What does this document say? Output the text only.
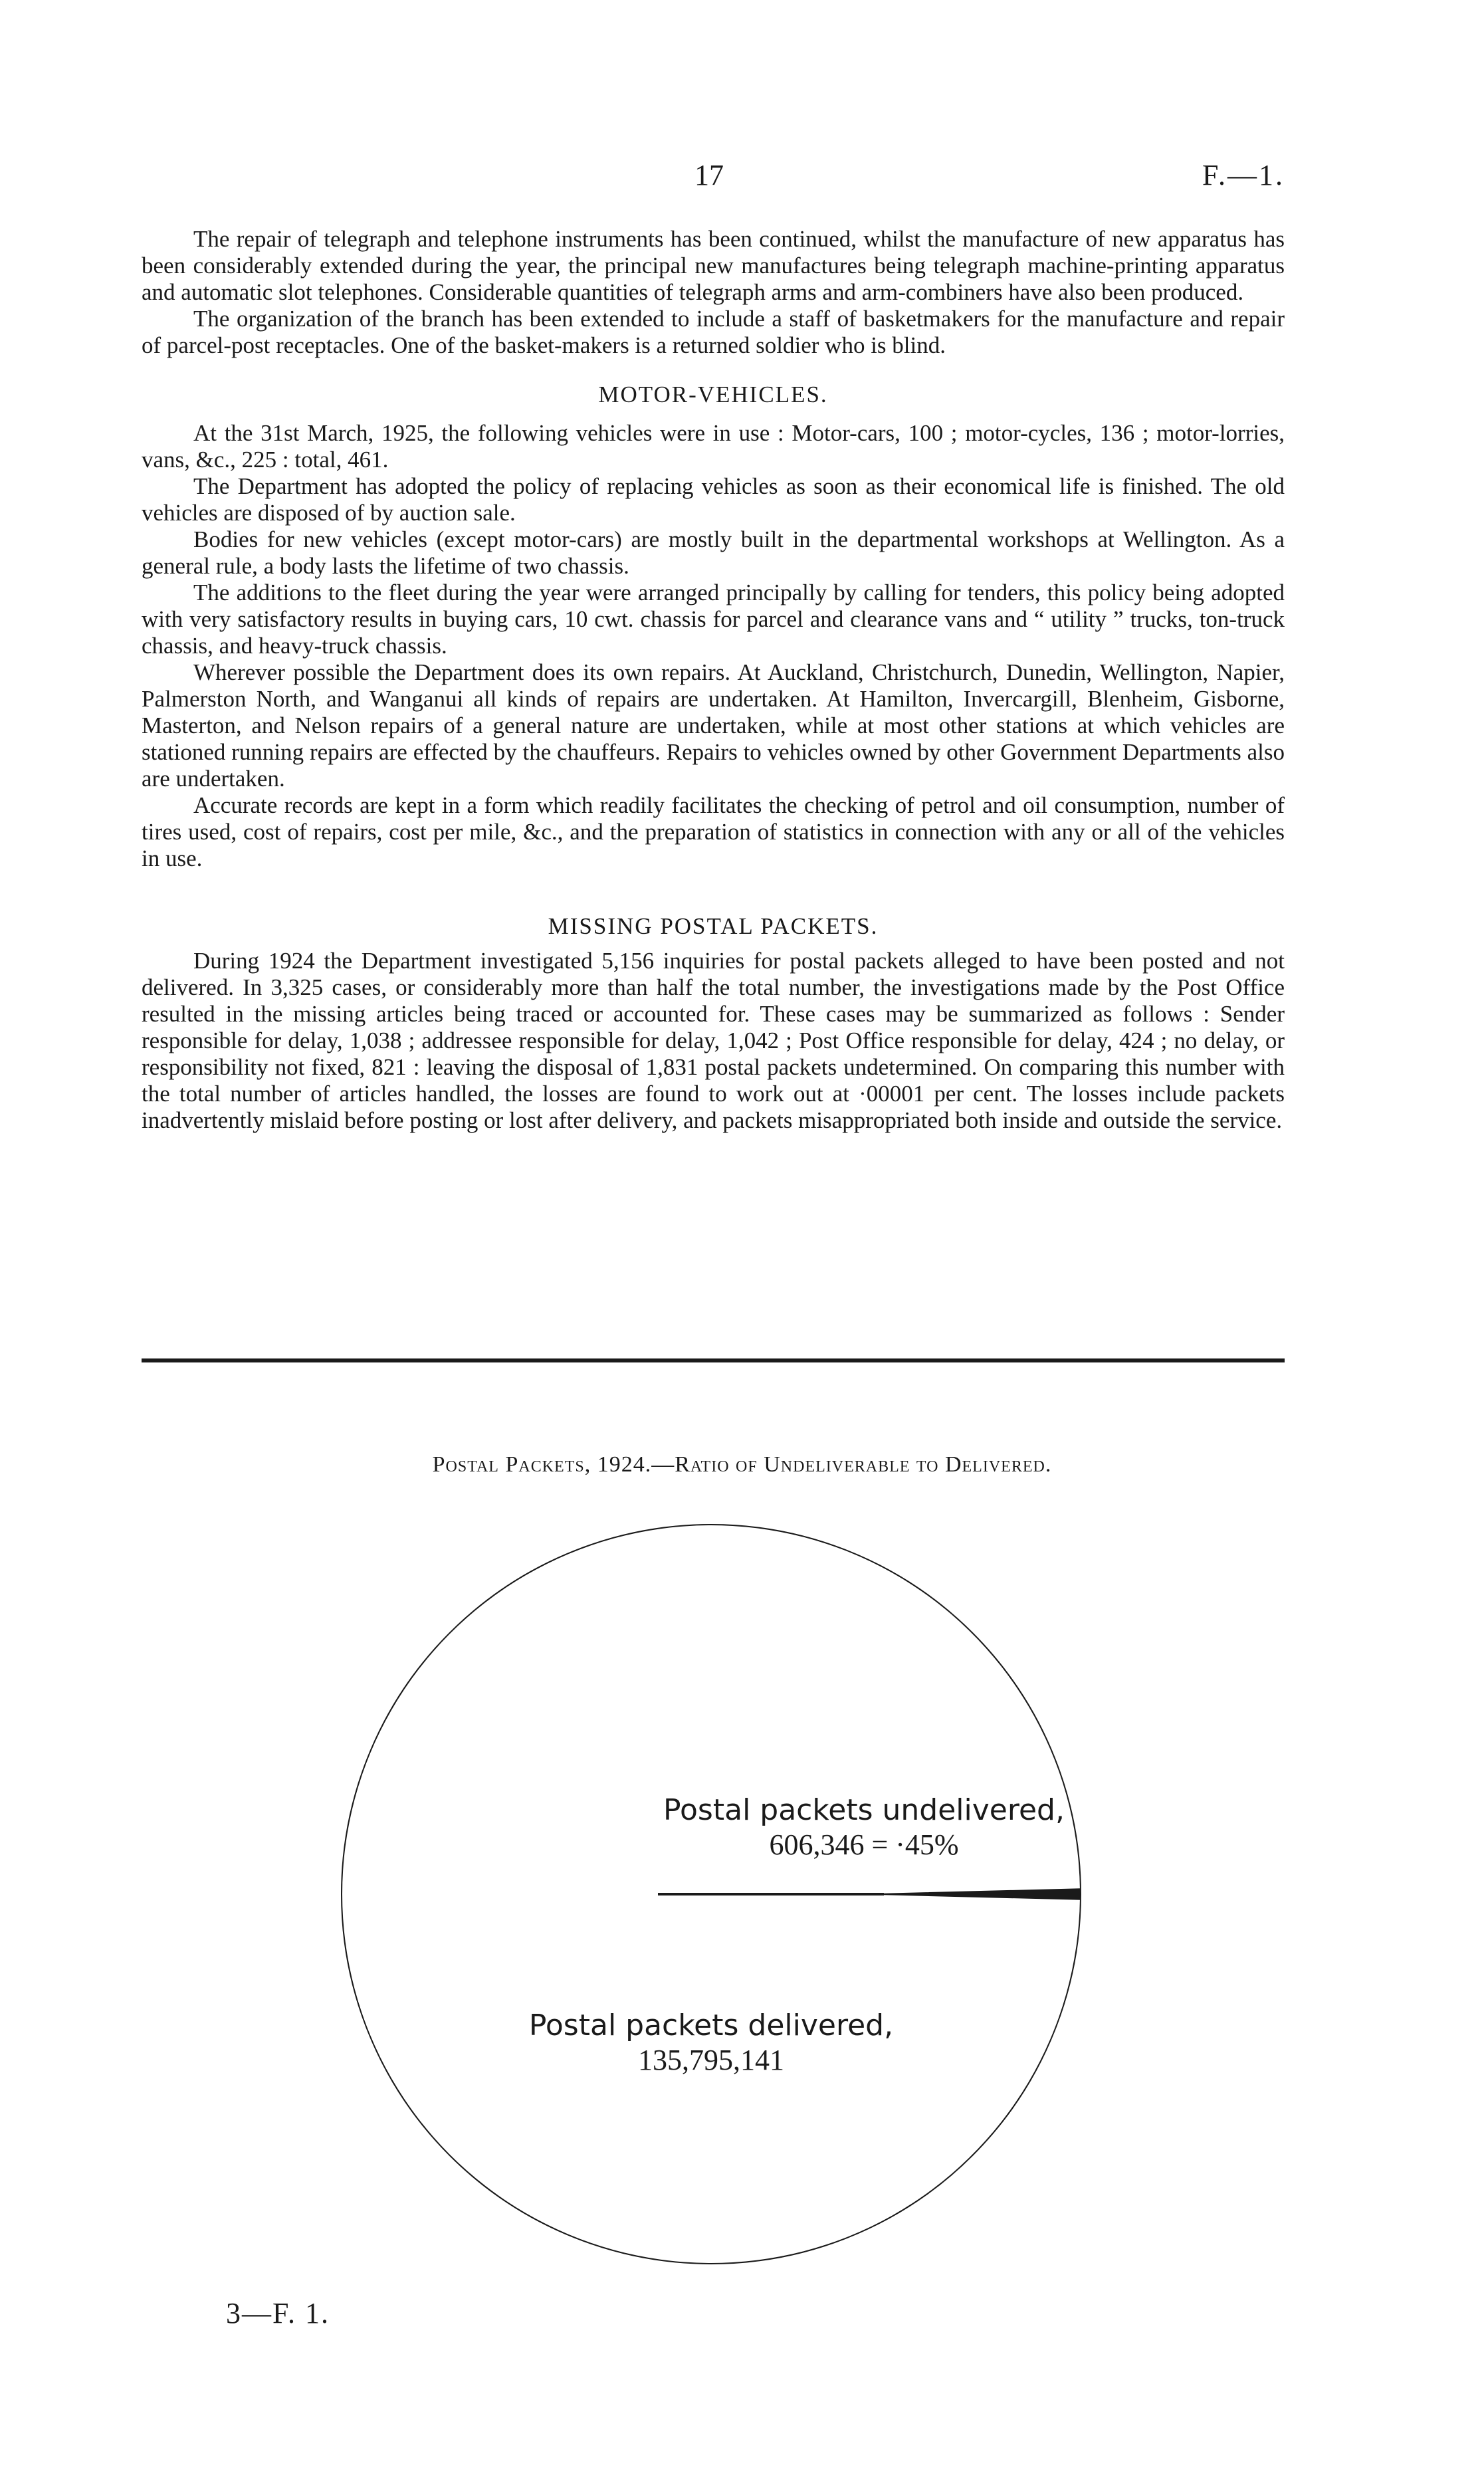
17	F.—1.

The repair of telegraph and telephone instruments has been continued, whilst the manufacture of new apparatus has been considerably extended during the year, the principal new manufactures being telegraph machine-printing apparatus and automatic slot telephones. Considerable quantities of telegraph arms and arm-combiners have also been produced.

The organization of the branch has been extended to include a staff of basketmakers for the manufacture and repair of parcel-post receptacles. One of the basket-makers is a returned soldier who is blind.

MOTOR-VEHICLES.

At the 31st March, 1925, the following vehicles were in use : Motor-cars, 100 ; motor-cycles, 136 ; motor-lorries, vans, &c., 225 : total, 461.

The Department has adopted the policy of replacing vehicles as soon as their economical life is finished. The old vehicles are disposed of by auction sale.

Bodies for new vehicles (except motor-cars) are mostly built in the departmental workshops at Wellington. As a general rule, a body lasts the lifetime of two chassis.

The additions to the fleet during the year were arranged principally by calling for tenders, this policy being adopted with very satisfactory results in buying cars, 10 cwt. chassis for parcel and clearance vans and “ utility ” trucks, ton-truck chassis, and heavy-truck chassis.

Wherever possible the Department does its own repairs. At Auckland, Christchurch, Dunedin, Wellington, Napier, Palmerston North, and Wanganui all kinds of repairs are undertaken. At Hamilton, Invercargill, Blenheim, Gisborne, Masterton, and Nelson repairs of a general nature are undertaken, while at most other stations at which vehicles are stationed running repairs are effected by the chauffeurs. Repairs to vehicles owned by other Government Departments also are undertaken.

Accurate records are kept in a form which readily facilitates the checking of petrol and oil consumption, number of tires used, cost of repairs, cost per mile, &c., and the preparation of statistics in connection with any or all of the vehicles in use.

MISSING POSTAL PACKETS.

During 1924 the Department investigated 5,156 inquiries for postal packets alleged to have been posted and not delivered. In 3,325 cases, or considerably more than half the total number, the investigations made by the Post Office resulted in the missing articles being traced or accounted for. These cases may be summarized as follows : Sender responsible for delay, 1,038 ; addressee responsible for delay, 1,042 ; Post Office responsible for delay, 424 ; no delay, or responsibility not fixed, 821 : leaving the disposal of 1,831 postal packets undetermined. On comparing this number with the total number of articles handled, the losses are found to work out at ·00001 per cent. The losses include packets inadvertently mislaid before posting or lost after delivery, and packets misappropriated both inside and outside the service.

Postal Packets, 1924.—Ratio of Undeliverable to Delivered.
Postal packets undelivered,
606,346 = ·45%
Postal packets delivered,
135,795,141
3—F. 1.
